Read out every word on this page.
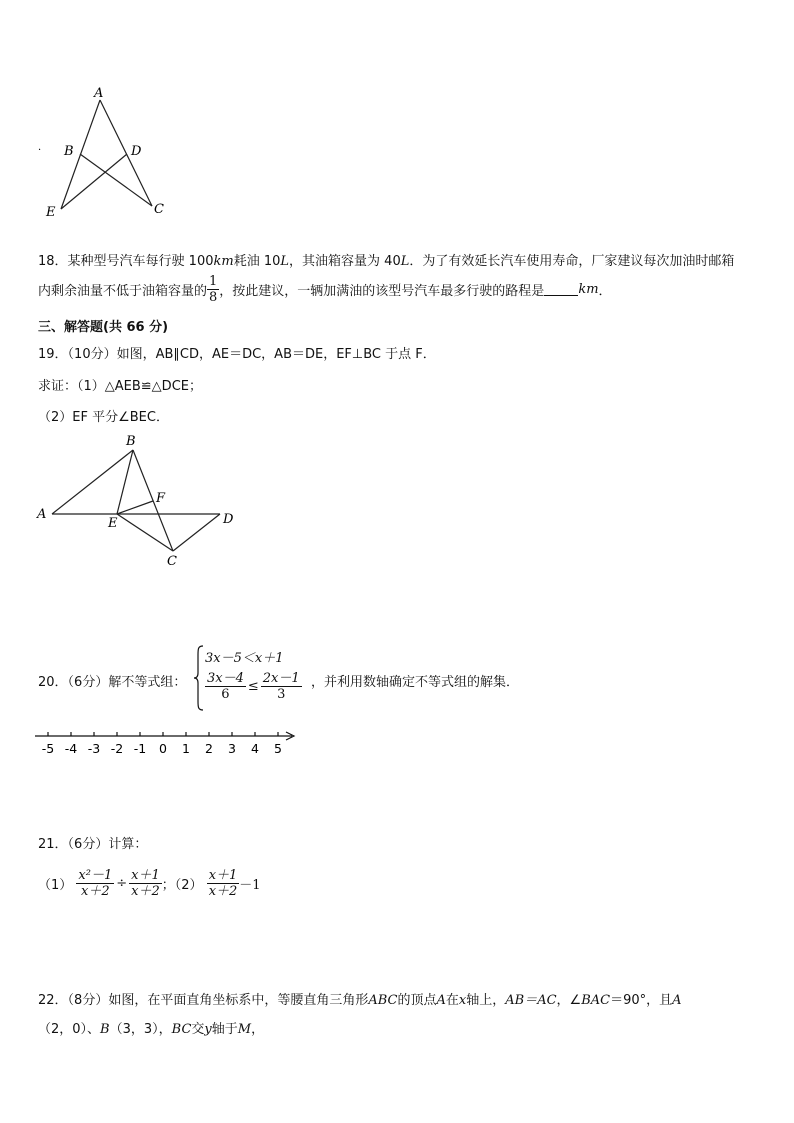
A
B	D
E	C
·
18．某种型号汽车每行驶 100km耗油 10L，其油箱容量为 40L．为了有效延长汽车使用寿命，厂家建议每次加油时邮箱
内剩余油量不低于油箱容量的 $\frac{1}{8}$ ，按此建议，一辆加满油的该型号汽车最多行驶的路程是	km．
三、解答题(共 66 分)
19．（10分）如图，AB∥CD，AE＝DC，AB＝DE，EF⊥BC 于点 F．
求证：（1）△AEB≌△DCE；
（2）EF 平分∠BEC．
A
B
F
E	D
C
20．（6分）解不等式组：
3x－5＜x＋1
$\frac{3x-4}{6} \le \frac{2x-1}{3}$ ，并利用数轴确定不等式组的解集．
-5 -4 -3 -2 -1 0 1 2 3 4 5
21．（6分）计算：
$(1) \frac{\text{x²－1}}{x+2} \div \frac{x+1}{x+2}$ ；$(2) \frac{x+1}{x+2} -1$
22．（8分）如图，在平面直角坐标系中，等腰直角三角形ABC的顶点A在x轴上，AB＝AC，∠BAC＝90°，且A
（2，0）、B（3，3），BC交y轴于M，
